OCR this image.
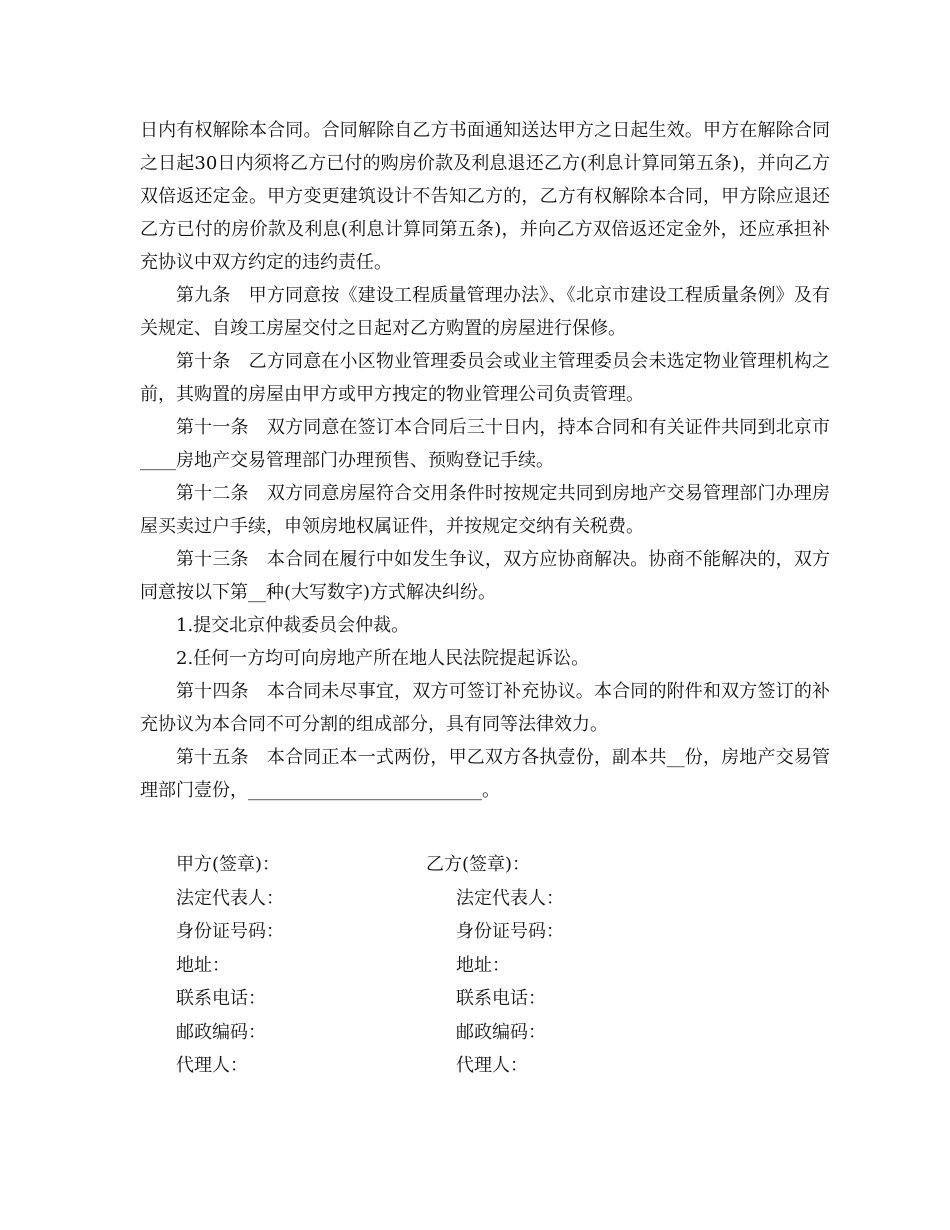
日内有权解除本合同。合同解除自乙方书面通知送达甲方之日起生效。甲方在解除合同之日起30日内须将乙方已付的购房价款及利息退还乙方(利息计算同第五条)，并向乙方双倍返还定金。甲方变更建筑设计不告知乙方的，乙方有权解除本合同，甲方除应退还乙方已付的房价款及利息(利息计算同第五条)，并向乙方双倍返还定金外，还应承担补充协议中双方约定的违约责任。

第九条　甲方同意按《建设工程质量管理办法》、《北京市建设工程质量条例》及有关规定、自竣工房屋交付之日起对乙方购置的房屋进行保修。

第十条　乙方同意在小区物业管理委员会或业主管理委员会未选定物业管理机构之前，其购置的房屋由甲方或甲方拽定的物业管理公司负责管理。

第十一条　双方同意在签订本合同后三十日内，持本合同和有关证件共同到北京市____房地产交易管理部门办理预售、预购登记手续。

第十二条　双方同意房屋符合交用条件时按规定共同到房地产交易管理部门办理房屋买卖过户手续，申领房地权属证件，并按规定交纳有关税费。

第十三条　本合同在履行中如发生争议，双方应协商解决。协商不能解决的，双方同意按以下第__种(大写数字)方式解决纠纷。

1.提交北京仲裁委员会仲裁。

2.任何一方均可向房地产所在地人民法院提起诉讼。

第十四条　本合同未尽事宜，双方可签订补充协议。本合同的附件和双方签订的补充协议为本合同不可分割的组成部分，具有同等法律效力。

第十五条　本合同正本一式两份，甲乙双方各执壹份，副本共__份，房地产交易管理部门壹份，__________________________。

甲方(签章)：	乙方(签章)：
法定代表人：	法定代表人：
身份证号码：	身份证号码：
地址：	地址：
联系电话：	联系电话：
邮政编码：	邮政编码：
代理人：	代理人：
